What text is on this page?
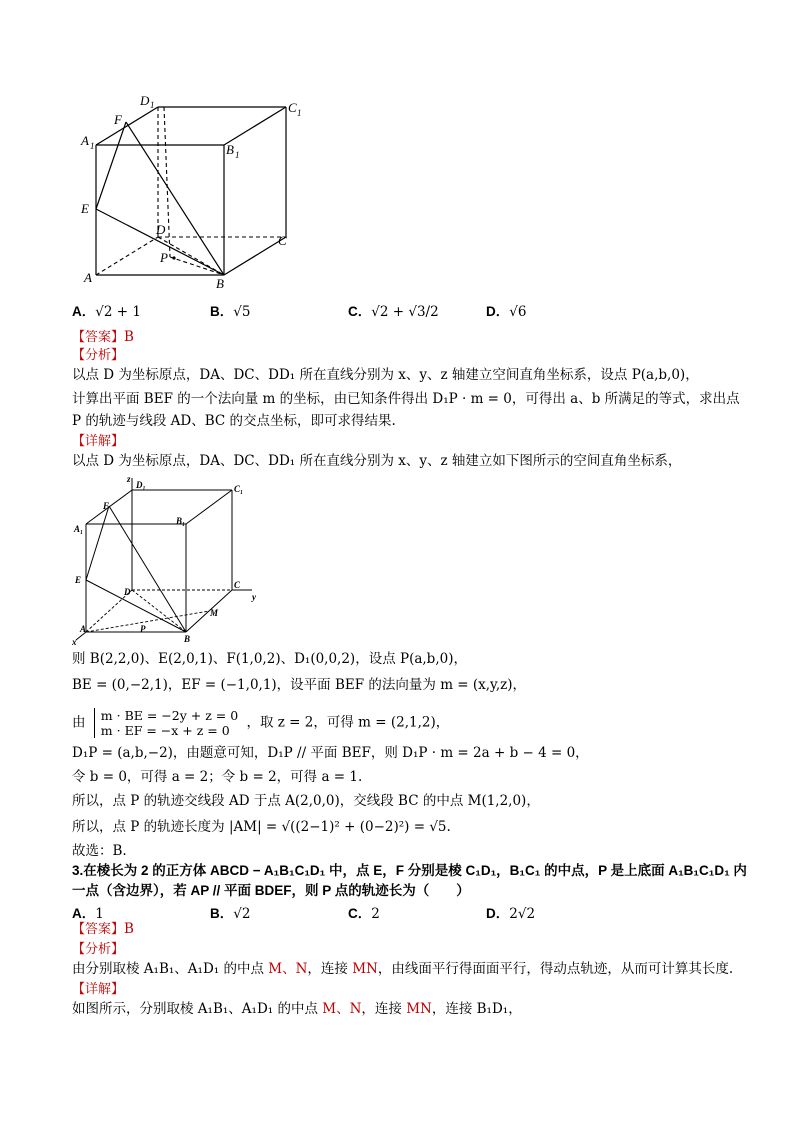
D 1	C 1
A 1	B 1
F
E
D
C
P
A	B
A．√2 + 1	B．√5	C．√2 + √3/2	D．√6
【答案】B
【分析】
以点 D 为坐标原点，DA、DC、DD₁ 所在直线分别为 x、y、z 轴建立空间直角坐标系，设点 P(a,b,0)，
计算出平面 BEF 的一个法向量 m 的坐标，由已知条件得出 D₁P · m = 0，可得出 a、b 所满足的等式，求出点
P 的轨迹与线段 AD、BC 的交点坐标，即可求得结果.
【详解】
以点 D 为坐标原点，DA、DC、DD₁ 所在直线分别为 x、y、z 轴建立如下图所示的空间直角坐标系，
z
D₁	C₁
F
A₁
B₁
E
D
C
y
M
A	P
B
x
则 B(2,2,0)、E(2,0,1)、F(1,0,2)、D₁(0,0,2)，设点 P(a,b,0)，
BE = (0,−2,1)，EF = (−1,0,1)，设平面 BEF 的法向量为 m = (x,y,z)，
由 m · BE = −2y + z = 0
m · EF = −x + z = 0 ，取 z = 2，可得 m = (2,1,2)，
D₁P = (a,b,−2)，由题意可知，D₁P // 平面 BEF，则 D₁P · m = 2a + b − 4 = 0，
令 b = 0，可得 a = 2；令 b = 2，可得 a = 1.
所以，点 P 的轨迹交线段 AD 于点 A(2,0,0)，交线段 BC 的中点 M(1,2,0)，
所以，点 P 的轨迹长度为 |AM| = √((2−1)² + (0−2)²) = √5.
故选：B.
3.在棱长为 2 的正方体 ABCD − A₁B₁C₁D₁ 中，点 E，F 分别是棱 C₁D₁，B₁C₁ 的中点，P 是上底面 A₁B₁C₁D₁ 内
一点（含边界），若 AP // 平面 BDEF，则 P 点的轨迹长为（　　）
A．1	B．√2	C．2	D．2√2
【答案】B
【分析】
由分别取棱 A₁B₁、A₁D₁ 的中点 M、N，连接 MN，由线面平行得面面平行，得动点轨迹，从而可计算其长度.
【详解】
如图所示，分别取棱 A₁B₁、A₁D₁ 的中点 M、N，连接 MN，连接 B₁D₁，
